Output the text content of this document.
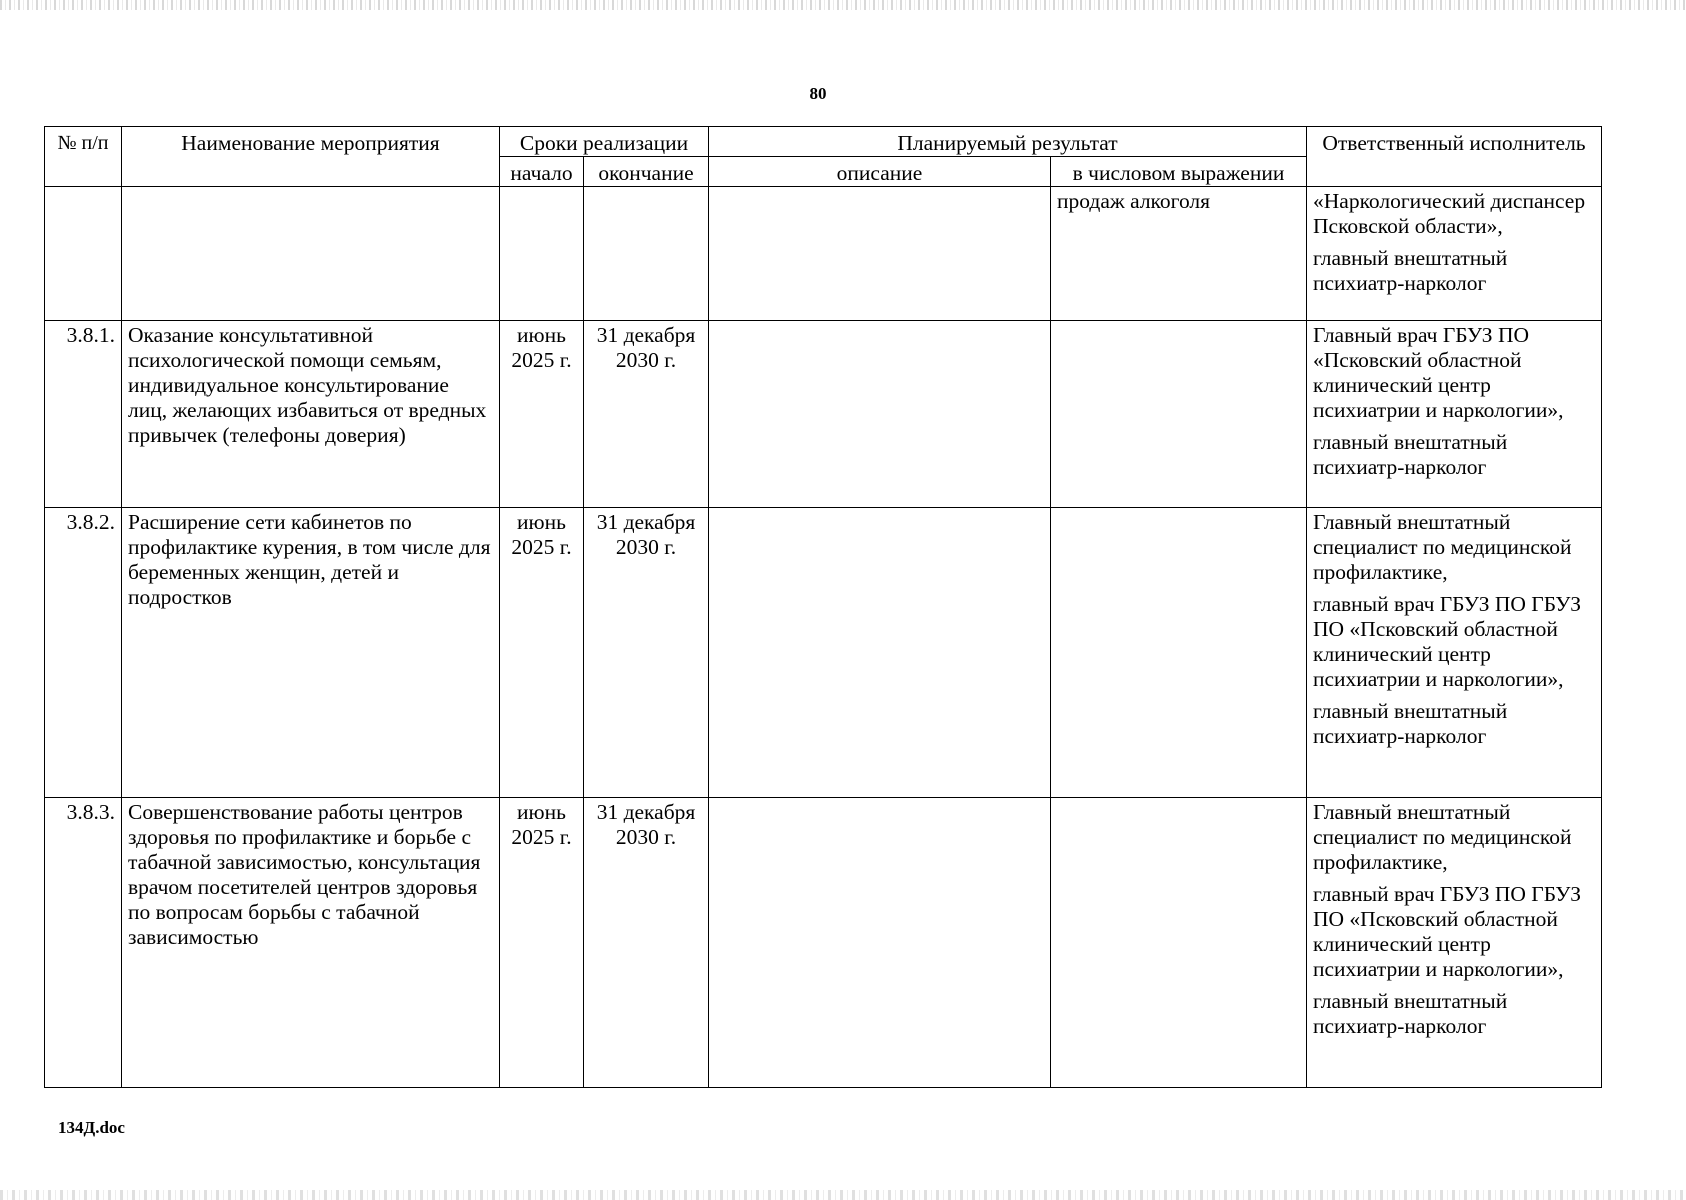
80
№ п/п	Наименование мероприятия	Сроки реализации		Планируемый результат		Ответственный исполнитель
		начало	окончание	описание	в числовом выражении	
					продаж алкоголя	«Наркологический диспансер Псковской области»,

главный внештатный психиатр-нарколог

3.8.1.	Оказание консультативной психологической помощи семьям, индивидуальное консультирование лиц, желающих избавиться от вредных привычек (телефоны доверия)	июнь 2025 г.	31 декабря 2030 г.			Главный врач ГБУЗ ПО «Псковский областной клинический центр психиатрии и наркологии»,

главный внештатный психиатр-нарколог

3.8.2.	Расширение сети кабинетов по профилактике курения, в том числе для беременных женщин, детей и подростков	июнь 2025 г.	31 декабря 2030 г.			Главный внештатный специалист по медицинской профилактике,

главный врач ГБУЗ ПО ГБУЗ ПО «Псковский областной клинический центр психиатрии и наркологии»,

главный внештатный психиатр-нарколог

3.8.3.	Совершенствование работы центров здоровья по профилактике и борьбе с табачной зависимостью, консультация врачом посетителей центров здоровья по вопросам борьбы с табачной зависимостью	июнь 2025 г.	31 декабря 2030 г.			Главный внештатный специалист по медицинской профилактике,

главный врач ГБУЗ ПО ГБУЗ ПО «Псковский областной клинический центр психиатрии и наркологии»,

главный внештатный психиатр-нарколог

134Д.doc
